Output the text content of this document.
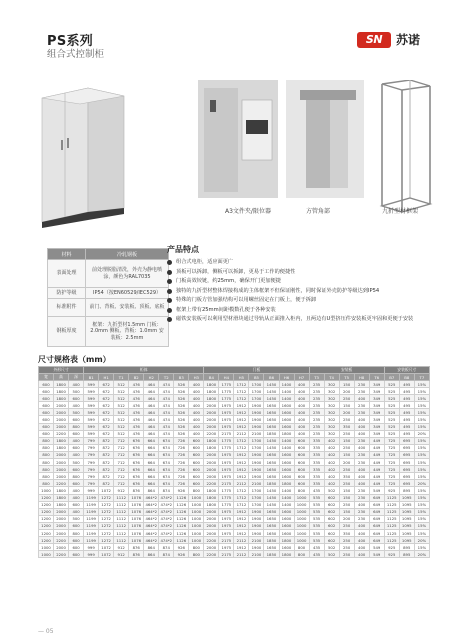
PS系列
组合式控制柜
SN	苏诺
A3文件夹/限位器	方管角部	九折型材框架
材料	冷轧钢板
表面处理	前处理脱脂清洗，外壳为静电喷涂，颜色为RAL7035
防护等级	IP54（按EN60529/IEC529）
标准附件	前门、背板、安装板、顶板、底板
钢板厚度	框架：九折型材1.5mm 门板：2.0mm 侧板、背板：1.0mm 安装板：2.5mm
产品特点
组合式电柜，适应面更广
顶板可以拆卸，侧板可以拆卸，更易于工作的便捷性
门板高效铰链，约25mm，确保开门更加便捷
独特的九折型材整体焊接构成的主体框架不但保证刚性，同时保证外壳防护等级达到IP54
特殊的门板方管加强结构可以用螺丝固定在门板上，便于拆卸
框架上带有25mm间距模数孔便于各种安装
磁铁安装板可以利用型材滑块通过导轨从正面推入柜内，且两边有U型挤压件安装板更牢固和更便于安装
尺寸规格表（mm）
外形尺寸			柜体								门板							安装板					安装板尺寸		
宽	高	深	B1	H1	T1	B2	H2	T2	B3	H3	B4	H4	H5	B5	B6	H6	H7	T3	T4	T5	H8	T6	B7	B8	T7
600	1800	400	599	672	512	476	464	474	526	400	1800	1775	1712	1700	1450	1400	400	235	302	150	230	349	525	495	15%
600	1800	500	599	672	512	476	464	474	526	400	1800	1775	1712	1700	1450	1400	400	235	302	200	230	349	525	495	15%
600	1800	600	599	672	512	476	464	474	526	400	1800	1775	1712	1700	1450	1400	400	235	302	250	400	349	525	495	15%
600	2000	400	599	672	512	476	464	474	526	400	2000	1975	1912	1900	1650	1600	400	235	302	150	230	349	525	495	15%
600	2000	500	599	672	512	476	464	474	526	400	2000	1975	1912	1900	1650	1600	400	235	302	200	230	349	525	495	15%
600	2000	600	599	672	512	476	464	474	526	400	2000	1975	1912	1900	1650	1600	400	235	302	250	400	349	525	495	15%
600	2000	800	599	672	512	476	464	474	526	400	2000	1975	1912	1900	1650	1600	400	235	302	350	400	349	525	495	15%
600	2200	600	599	672	512	476	464	474	526	400	2200	2175	2112	2100	1850	1800	400	235	302	250	400	349	525	495	20%
800	1800	400	799	872	712	676	664	674	726	600	1800	1775	1712	1700	1450	1400	600	335	402	150	230	449	725	695	15%
800	1800	600	799	872	712	676	664	674	726	600	1800	1775	1712	1700	1450	1400	600	335	402	250	400	449	725	695	15%
800	2000	400	799	872	712	676	664	674	726	600	2000	1975	1912	1900	1650	1600	600	335	402	150	230	449	725	695	15%
800	2000	500	799	872	712	676	664	674	726	600	2000	1975	1912	1900	1650	1600	600	335	402	200	230	449	725	695	15%
800	2000	600	799	872	712	676	664	674	726	600	2000	1975	1912	1900	1650	1600	600	335	402	250	400	449	725	695	15%
800	2000	800	799	872	712	676	664	674	726	600	2000	1975	1912	1900	1650	1600	600	335	402	350	400	449	725	695	15%
800	2200	600	799	872	712	676	664	674	726	600	2200	2175	2112	2100	1850	1800	600	335	402	250	400	449	725	695	20%
1000	1800	400	999	1072	912	876	864	874	926	800	1800	1775	1712	1700	1450	1400	800	435	502	150	230	549	925	895	15%
1200	1800	400	1199	1272	1112	1076	464*2	474*2	1126	1000	1800	1775	1712	1700	1450	1400	1000	535	602	150	230	649	1125	1095	15%
1200	1800	600	1199	1272	1112	1076	464*2	474*2	1126	1000	1800	1775	1712	1700	1450	1400	1000	535	602	250	400	649	1125	1095	15%
1200	2000	400	1199	1272	1112	1076	464*2	474*2	1126	1000	2000	1975	1912	1900	1650	1600	1000	535	602	150	230	649	1125	1095	15%
1200	2000	500	1199	1272	1112	1076	464*2	474*2	1126	1000	2000	1975	1912	1900	1650	1600	1000	535	602	200	230	649	1125	1095	15%
1200	2000	600	1199	1272	1112	1076	464*2	474*2	1126	1000	2000	1975	1912	1900	1650	1600	1000	535	602	250	400	649	1125	1095	15%
1200	2000	800	1199	1272	1112	1076	464*2	474*2	1126	1000	2000	1975	1912	1900	1650	1600	1000	535	602	350	400	649	1125	1095	15%
1200	2200	600	1199	1272	1112	1076	464*2	474*2	1126	1000	2200	2175	2112	2100	1850	1800	1000	535	602	250	400	649	1125	1095	20%
1000	2000	600	999	1072	912	876	864	874	926	800	2000	1975	1912	1900	1650	1600	800	435	502	250	400	549	925	895	15%
1000	2200	600	999	1072	912	876	864	874	926	800	2200	2175	2112	2100	1850	1800	800	435	502	250	400	549	925	895	20%
— 05
